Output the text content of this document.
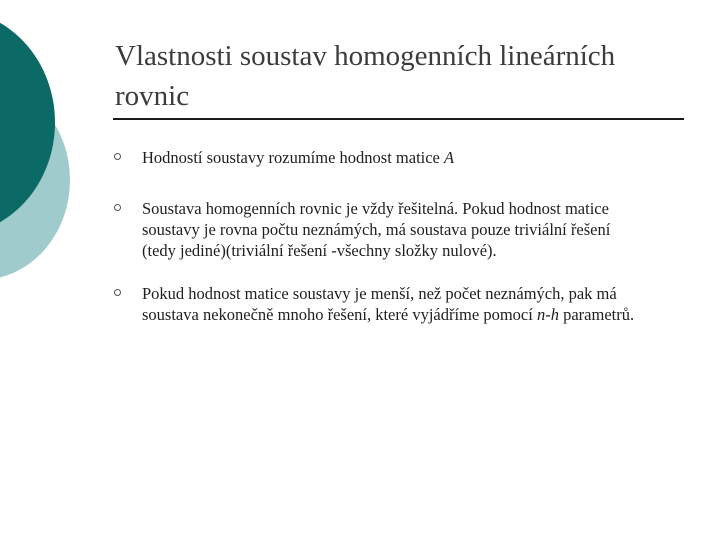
Vlastnosti soustav homogenních lineárních rovnic
Hodností soustavy rozumíme hodnost matice A
Soustava homogenních rovnic je vždy řešitelná. Pokud hodnost matice soustavy je rovna počtu neznámých, má soustava pouze triviální řešení (tedy jediné)(triviální řešení -všechny složky nulové).
Pokud hodnost matice soustavy je menší, než počet neznámých, pak má soustava nekonečně mnoho řešení, které vyjádříme pomocí n-h parametrů.
